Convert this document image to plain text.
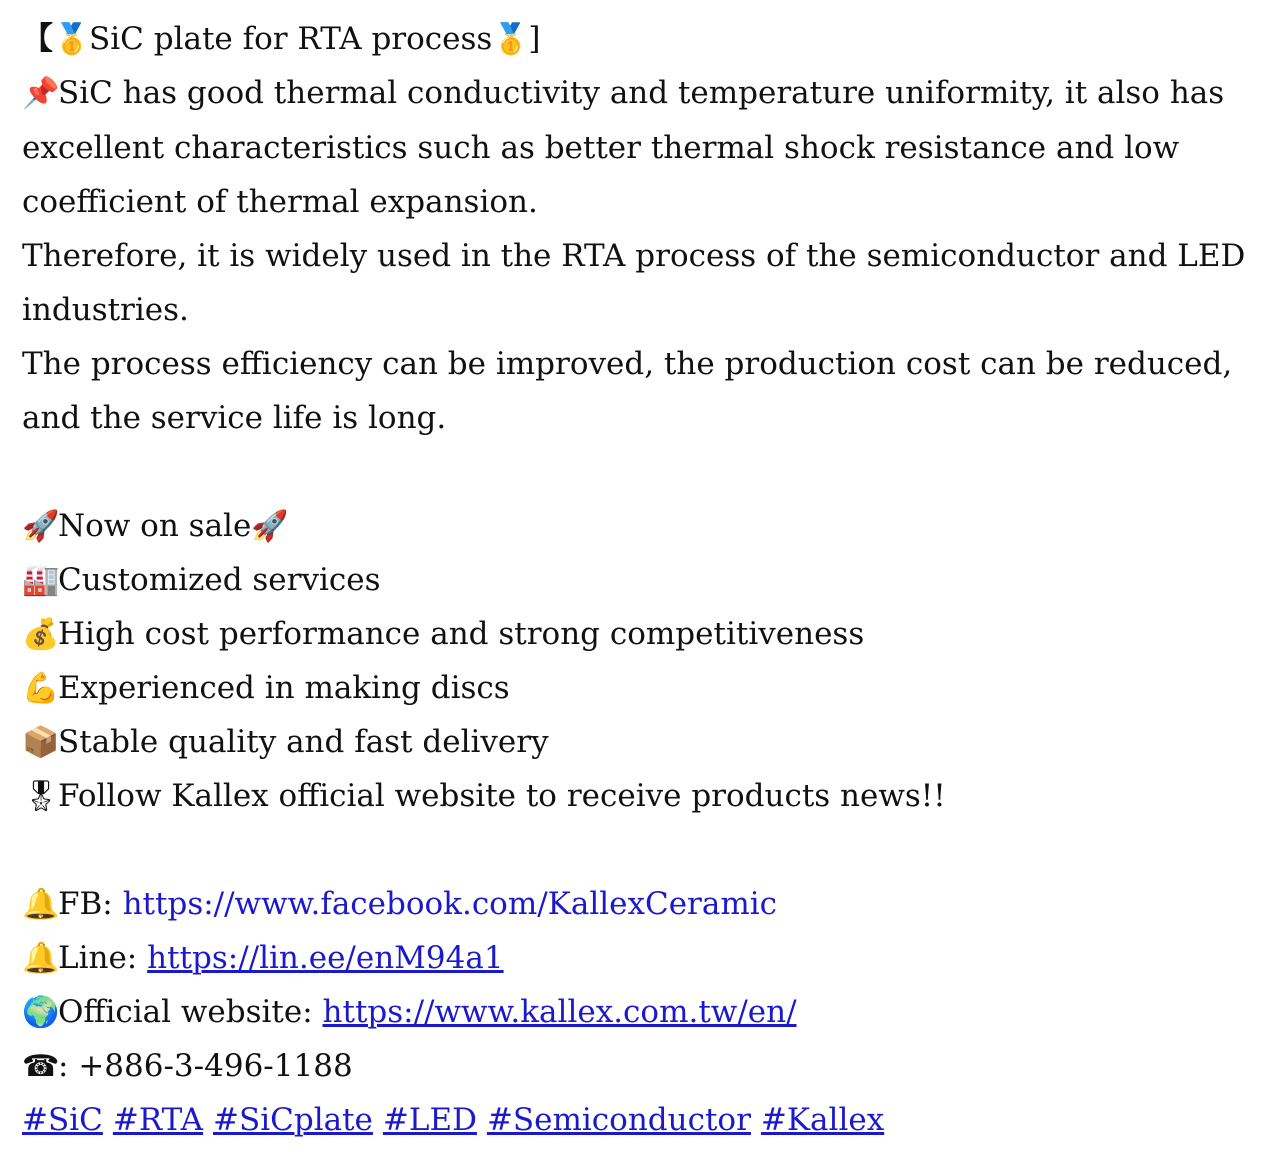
【🥇SiC plate for RTA process🥇]
📌SiC has good thermal conductivity and temperature uniformity, it also has excellent characteristics such as better thermal shock resistance and low coefficient of thermal expansion.
Therefore, it is widely used in the RTA process of the semiconductor and LED industries.
The process efficiency can be improved, the production cost can be reduced, and the service life is long.
🚀Now on sale🚀
🏭Customized services
💰High cost performance and strong competitiveness
💪Experienced in making discs
📦Stable quality and fast delivery
🎖Follow Kallex official website to receive products news!!
🔔FB: https://www.facebook.com/KallexCeramic
🔔Line: https://lin.ee/enM94a1
🌍Official website: https://www.kallex.com.tw/en/
☎: +886-3-496-1188
#SiC #RTA #SiCplate #LED #Semiconductor #Kallex
